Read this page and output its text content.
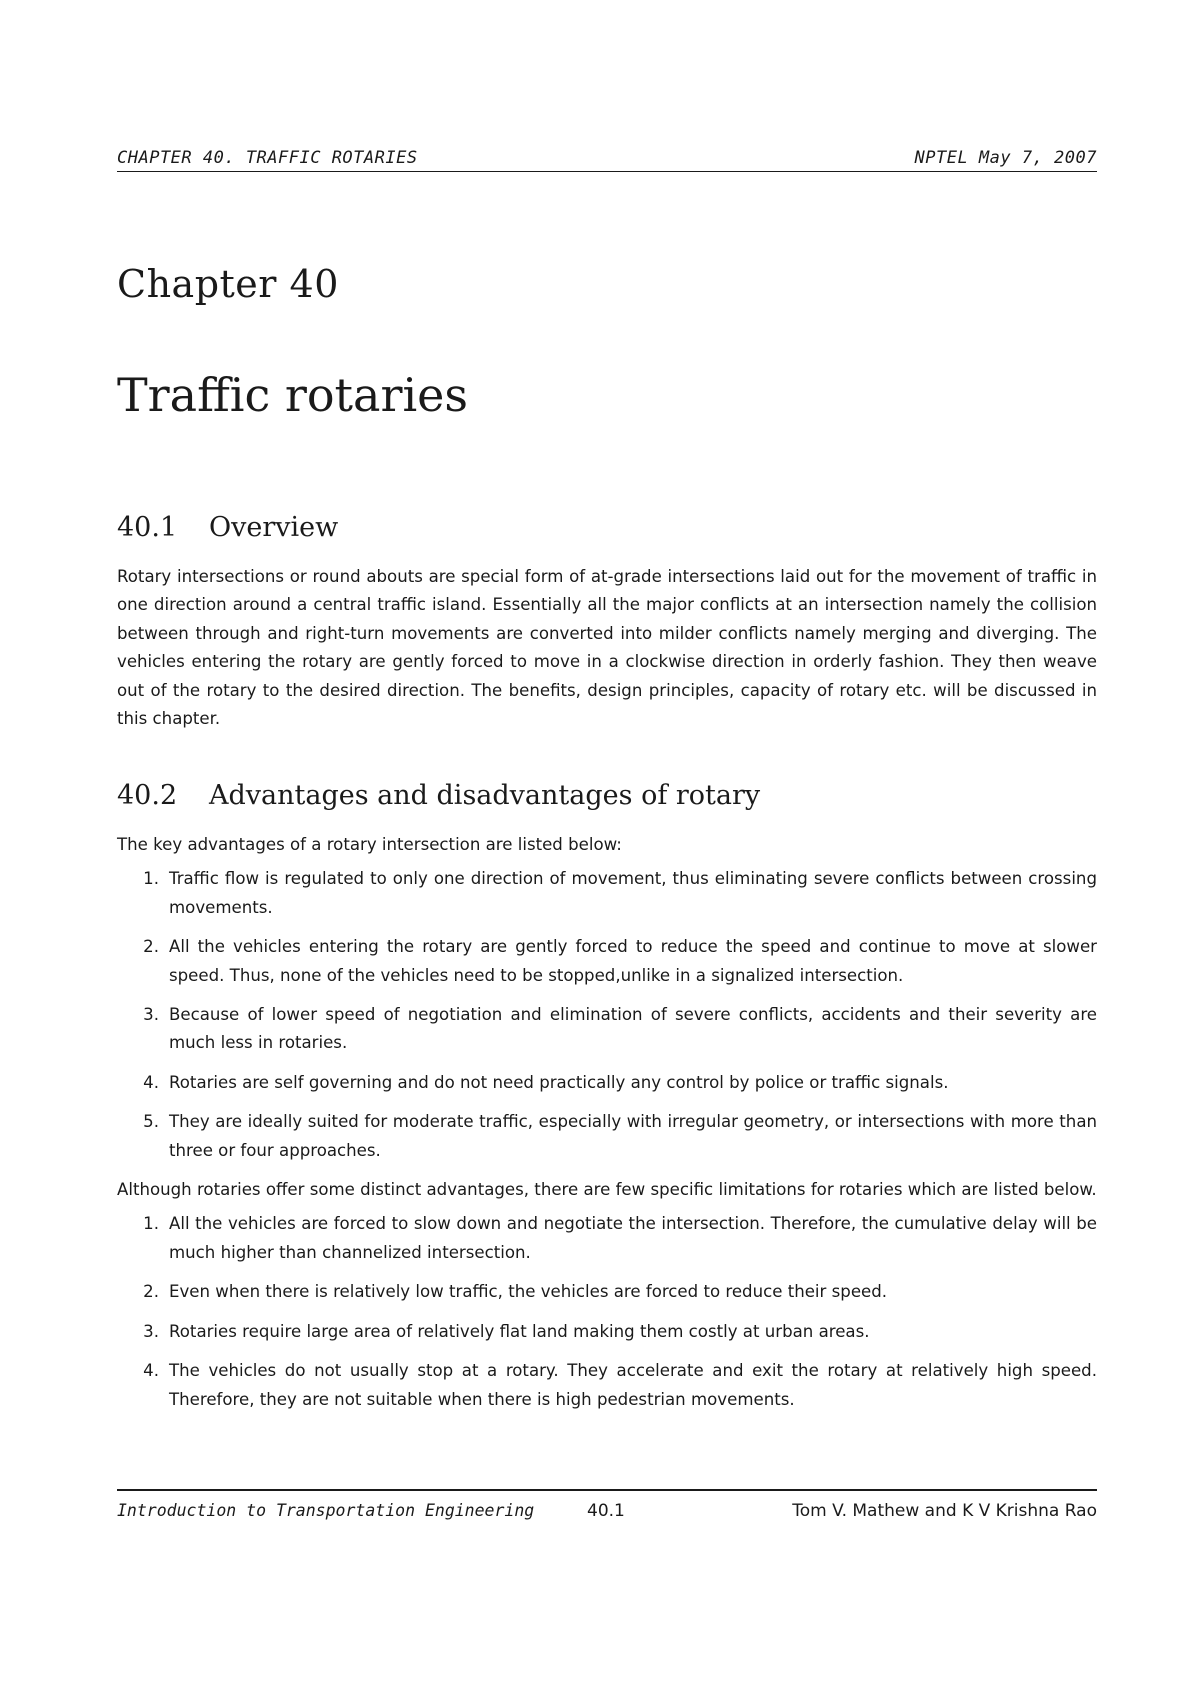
CHAPTER 40. TRAFFIC ROTARIES	NPTEL May 7, 2007
Chapter 40
Traffic rotaries
40.1	Overview

Rotary intersections or round abouts are special form of at-grade intersections laid out for the movement of traffic in one direction around a central traffic island. Essentially all the major conflicts at an intersection namely the collision between through and right-turn movements are converted into milder conflicts namely merging and diverging. The vehicles entering the rotary are gently forced to move in a clockwise direction in orderly fashion. They then weave out of the rotary to the desired direction. The benefits, design principles, capacity of rotary etc. will be discussed in this chapter.

40.2	Advantages and disadvantages of rotary

The key advantages of a rotary intersection are listed below:

1. Traffic flow is regulated to only one direction of movement, thus eliminating severe conflicts between crossing movements.
2. All the vehicles entering the rotary are gently forced to reduce the speed and continue to move at slower speed. Thus, none of the vehicles need to be stopped,unlike in a signalized intersection.
3. Because of lower speed of negotiation and elimination of severe conflicts, accidents and their severity are much less in rotaries.
4. Rotaries are self governing and do not need practically any control by police or traffic signals.
5. They are ideally suited for moderate traffic, especially with irregular geometry, or intersections with more than three or four approaches.

Although rotaries offer some distinct advantages, there are few specific limitations for rotaries which are listed below.

1. All the vehicles are forced to slow down and negotiate the intersection. Therefore, the cumulative delay will be much higher than channelized intersection.
2. Even when there is relatively low traffic, the vehicles are forced to reduce their speed.
3. Rotaries require large area of relatively flat land making them costly at urban areas.
4. The vehicles do not usually stop at a rotary. They accelerate and exit the rotary at relatively high speed. Therefore, they are not suitable when there is high pedestrian movements.
Introduction to Transportation Engineering	40.1	Tom V. Mathew and K V Krishna Rao
